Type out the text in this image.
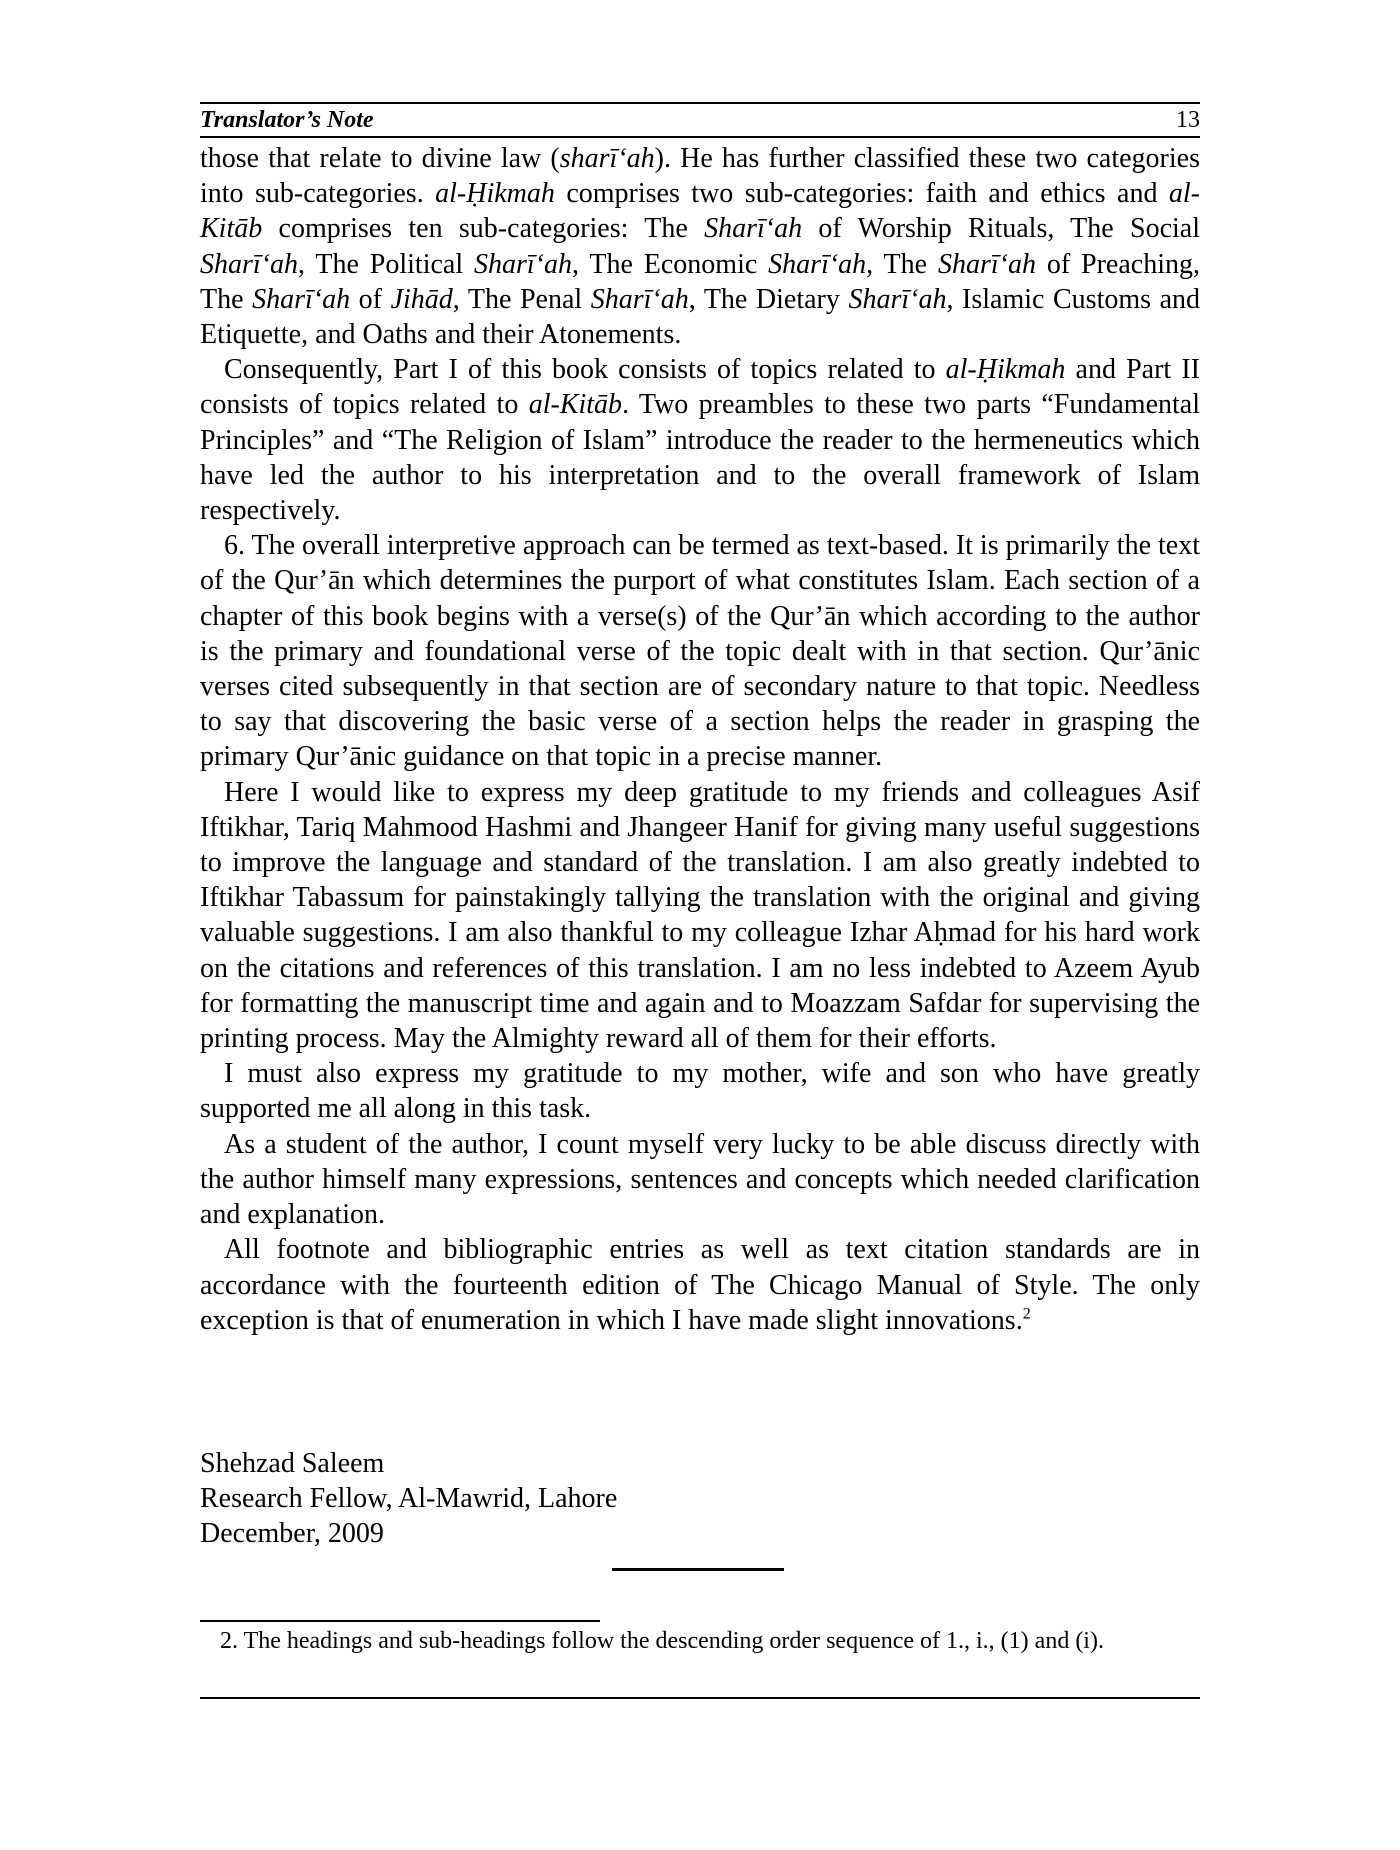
Translator’s Note	13

those that relate to divine law (sharī‘ah). He has further classified these two categories into sub-categories. al-Ḥikmah comprises two sub-categories: faith and ethics and al-Kitāb comprises ten sub-categories: The Sharī‘ah of Worship Rituals, The Social Sharī‘ah, The Political Sharī‘ah, The Economic Sharī‘ah, The Sharī‘ah of Preaching, The Sharī‘ah of Jihād, The Penal Sharī‘ah, The Dietary Sharī‘ah, Islamic Customs and Etiquette, and Oaths and their Atonements.

Consequently, Part I of this book consists of topics related to al-Ḥikmah and Part II consists of topics related to al-Kitāb. Two preambles to these two parts “Fundamental Principles” and “The Religion of Islam” introduce the reader to the hermeneutics which have led the author to his interpretation and to the overall framework of Islam respectively.

6. The overall interpretive approach can be termed as text-based. It is primarily the text of the Qur’ān which determines the purport of what constitutes Islam. Each section of a chapter of this book begins with a verse(s) of the Qur’ān which according to the author is the primary and foundational verse of the topic dealt with in that section. Qur’ānic verses cited subsequently in that section are of secondary nature to that topic. Needless to say that discovering the basic verse of a section helps the reader in grasping the primary Qur’ānic guidance on that topic in a precise manner.

Here I would like to express my deep gratitude to my friends and colleagues Asif Iftikhar, Tariq Mahmood Hashmi and Jhangeer Hanif for giving many useful suggestions to improve the language and standard of the translation. I am also greatly indebted to Iftikhar Tabassum for painstakingly tallying the translation with the original and giving valuable suggestions. I am also thankful to my colleague Izhar Aḥmad for his hard work on the citations and references of this translation. I am no less indebted to Azeem Ayub for formatting the manuscript time and again and to Moazzam Safdar for supervising the printing process. May the Almighty reward all of them for their efforts.

I must also express my gratitude to my mother, wife and son who have greatly supported me all along in this task.

As a student of the author, I count myself very lucky to be able discuss directly with the author himself many expressions, sentences and concepts which needed clarification and explanation.

All footnote and bibliographic entries as well as text citation standards are in accordance with the fourteenth edition of The Chicago Manual of Style. The only exception is that of enumeration in which I have made slight innovations.$^2$

Shehzad Saleem
Research Fellow, Al-Mawrid, Lahore
December, 2009
2. The headings and sub-headings follow the descending order sequence of 1., i., (1) and (i).
